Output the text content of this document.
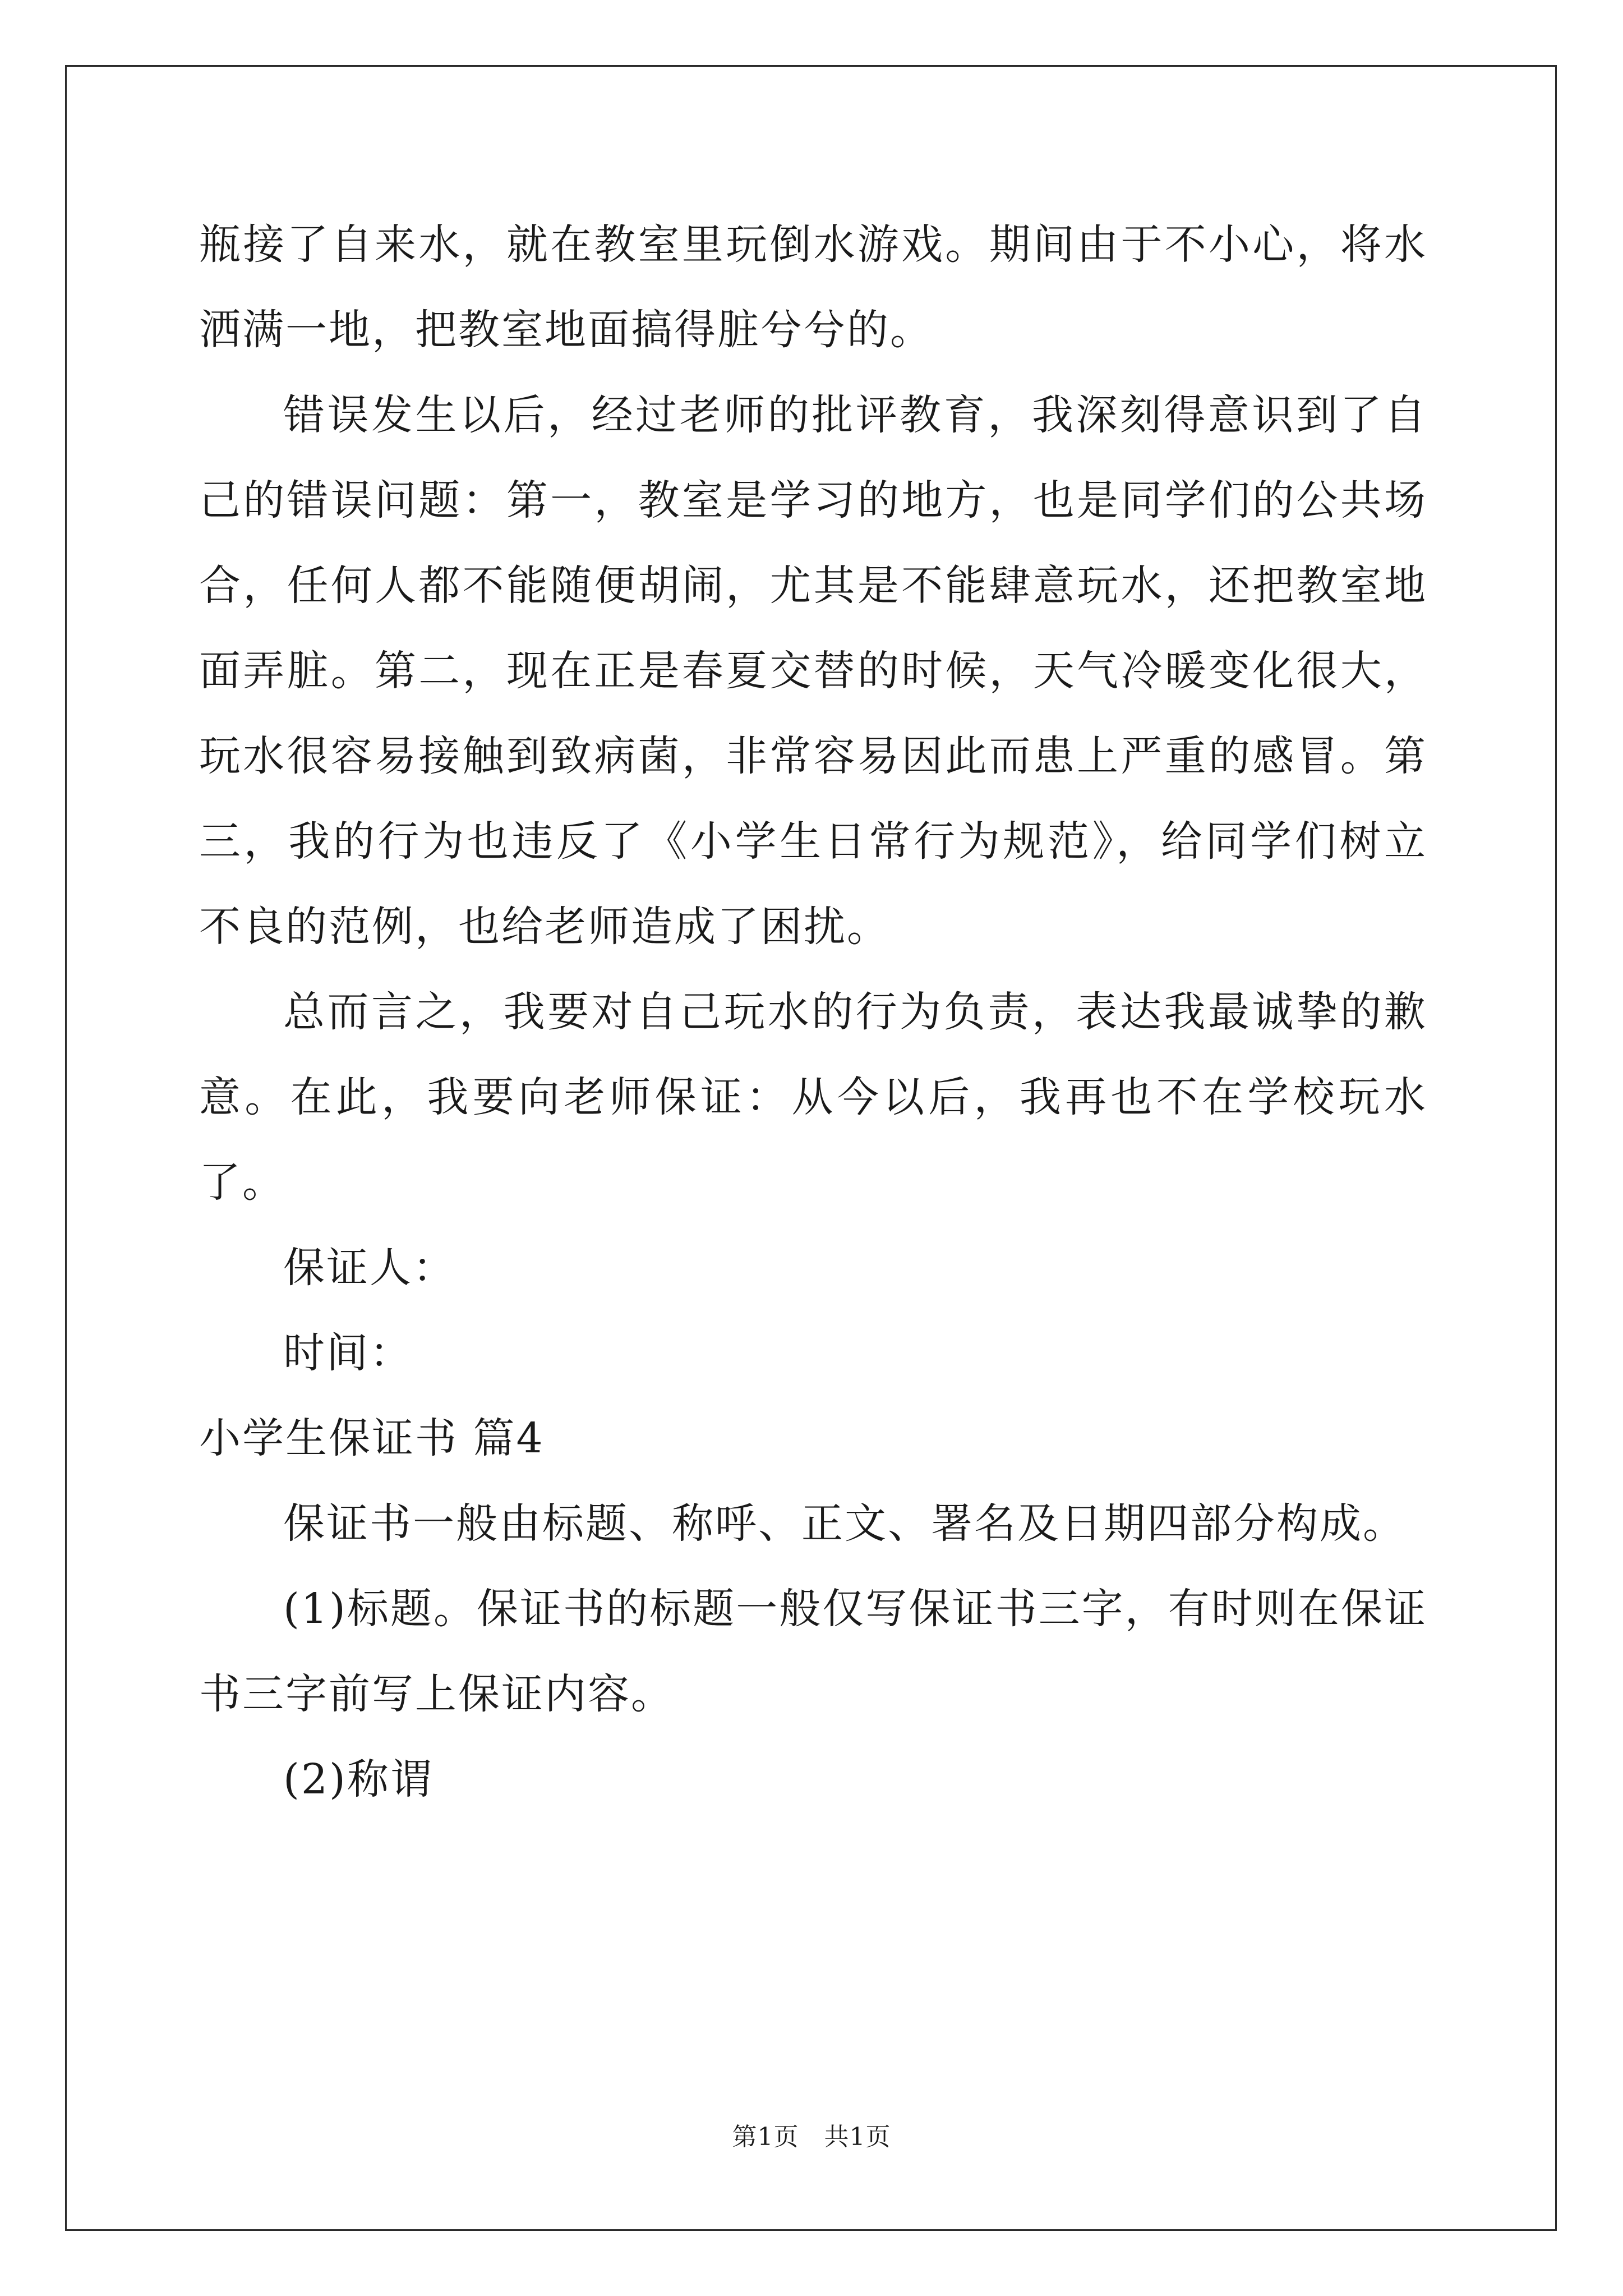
瓶接了自来水，就在教室里玩倒水游戏。期间由于不小心，将水洒满一地，把教室地面搞得脏兮兮的。

错误发生以后，经过老师的批评教育，我深刻得意识到了自己的错误问题：第一，教室是学习的地方，也是同学们的公共场合，任何人都不能随便胡闹，尤其是不能肆意玩水，还把教室地面弄脏。第二，现在正是春夏交替的时候，天气冷暖变化很大，玩水很容易接触到致病菌，非常容易因此而患上严重的感冒。第三，我的行为也违反了《小学生日常行为规范》，给同学们树立不良的范例，也给老师造成了困扰。

总而言之，我要对自己玩水的行为负责，表达我最诚挚的歉意。在此，我要向老师保证：从今以后，我再也不在学校玩水了。

保证人：

时间：

小学生保证书 篇4

保证书一般由标题、称呼、正文、署名及日期四部分构成。

(1)标题。保证书的标题一般仅写保证书三字，有时则在保证书三字前写上保证内容。

(2)称谓

第1页　共1页
